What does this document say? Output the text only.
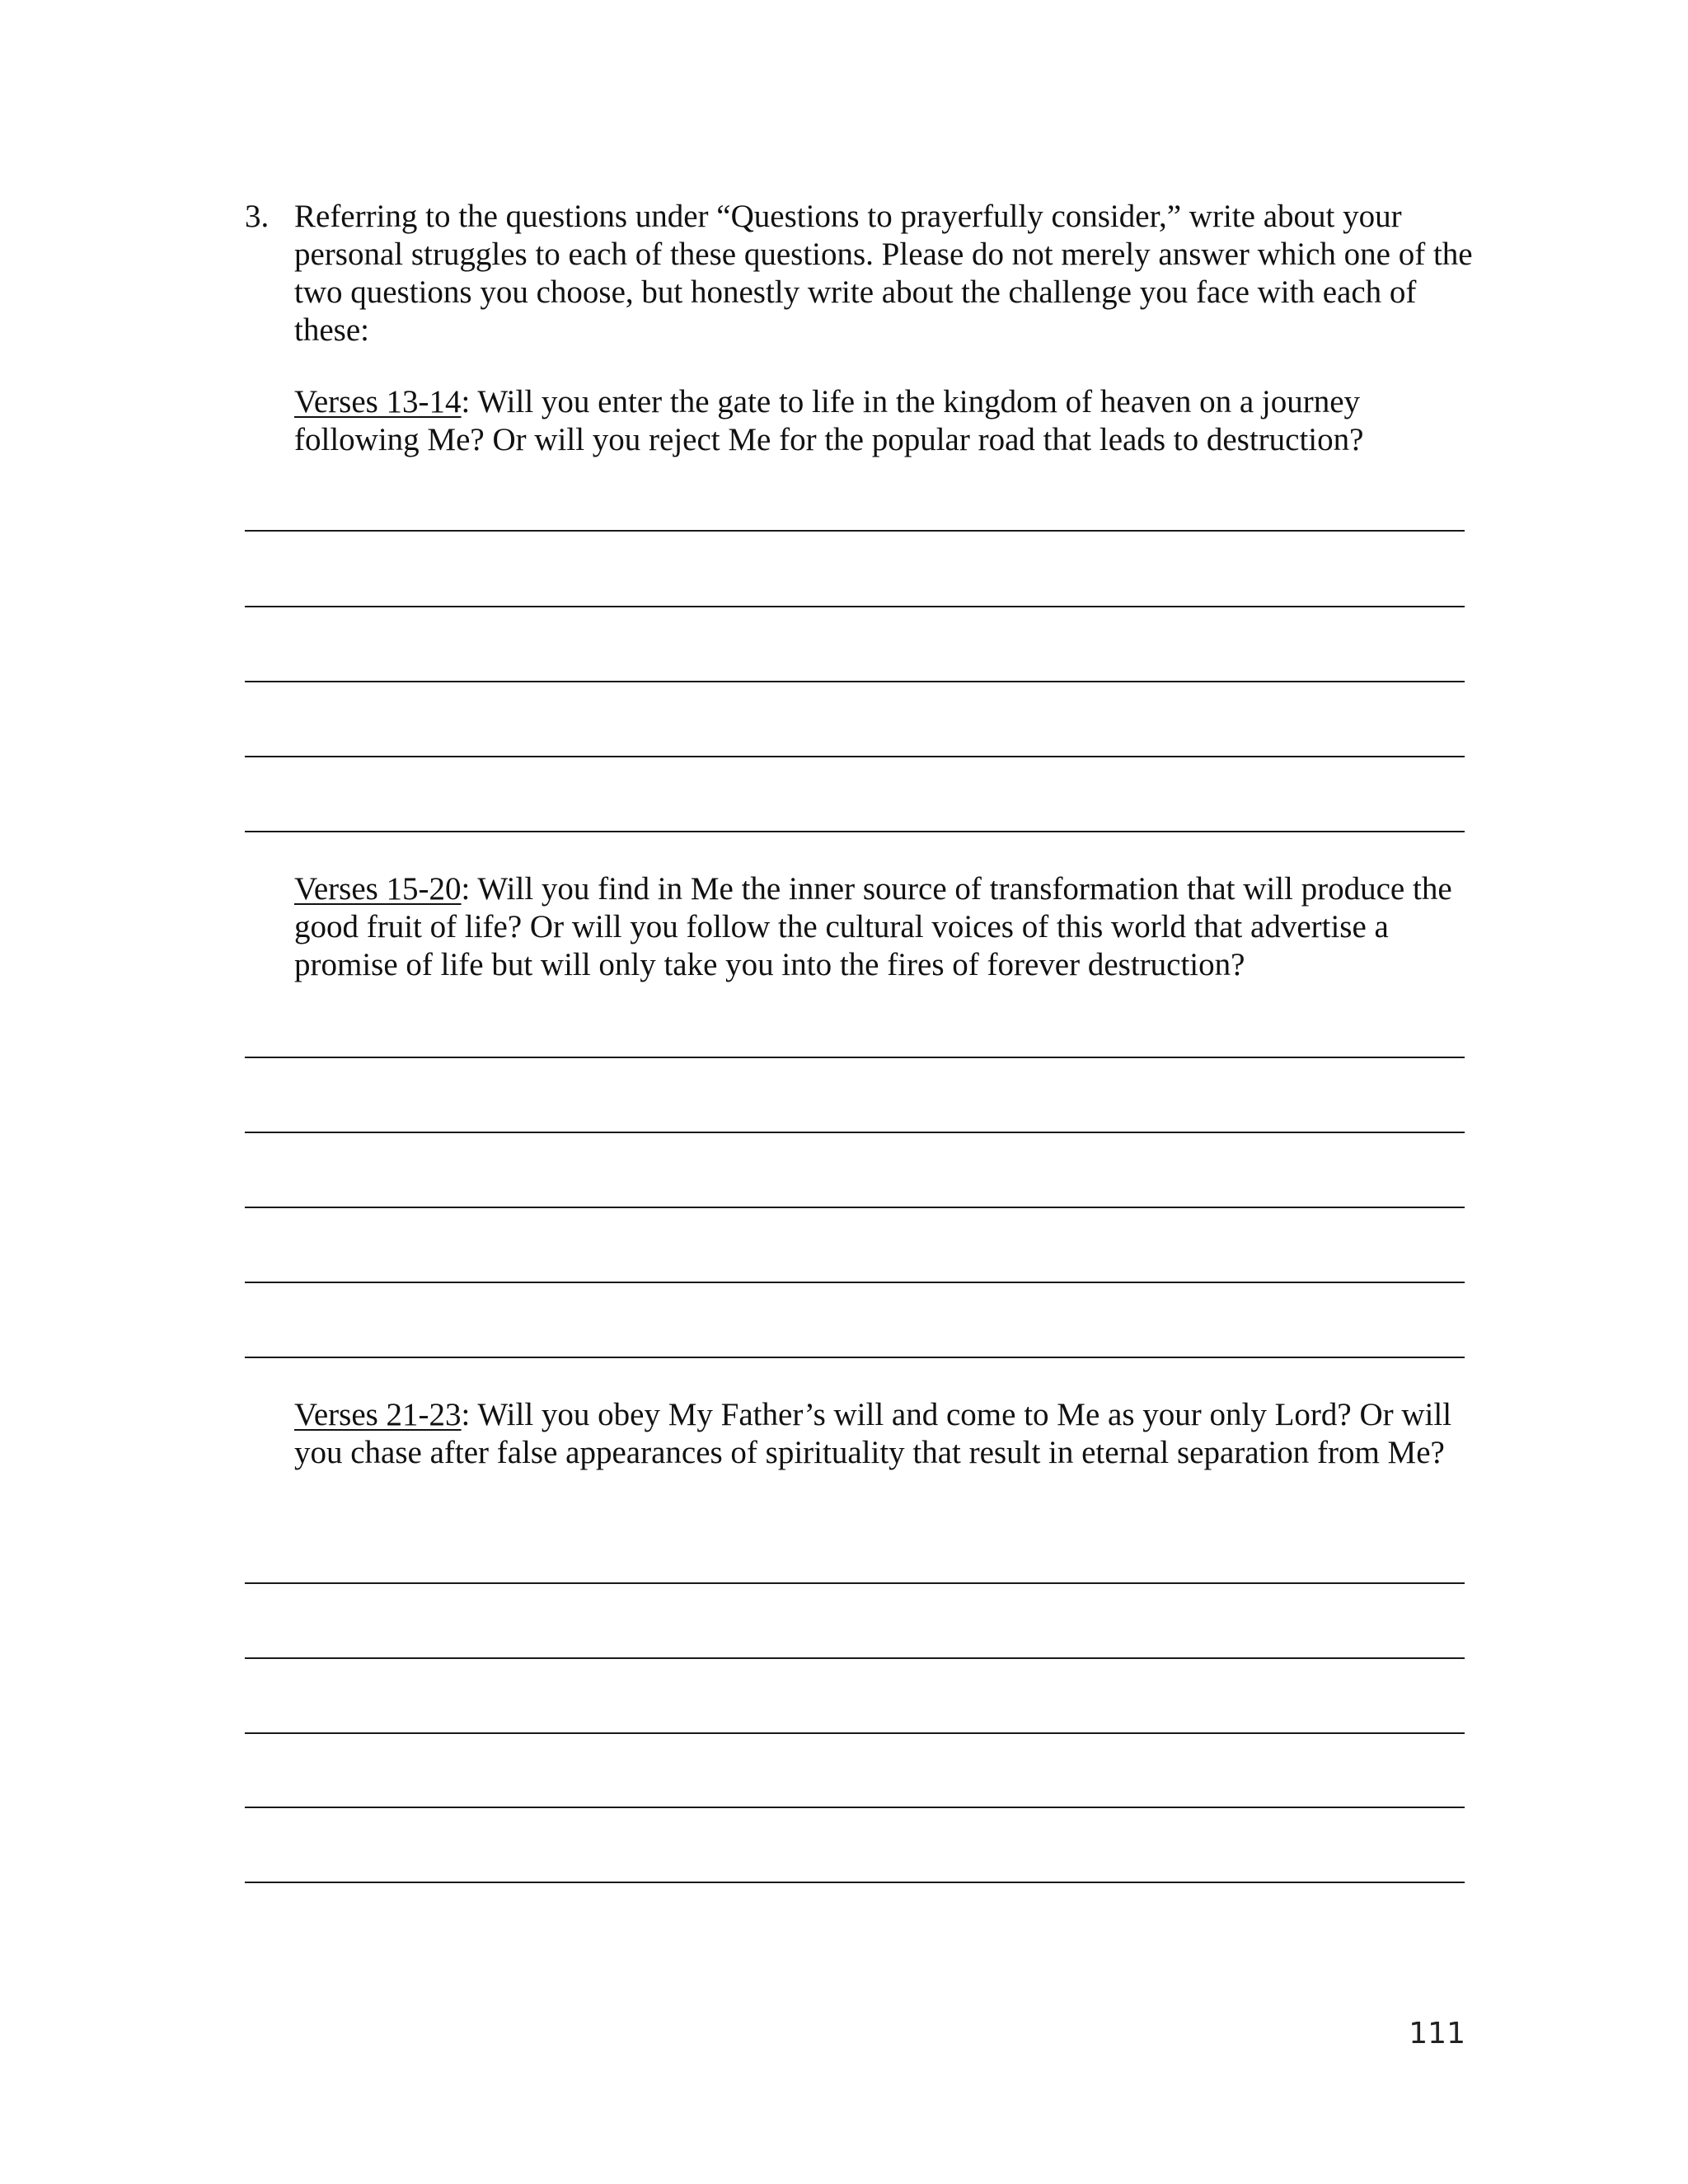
3. Referring to the questions under “Questions to prayerfully consider,” write about your personal struggles to each of these questions. Please do not merely answer which one of the two questions you choose, but honestly write about the challenge you face with each of these:
Verses 13-14: Will you enter the gate to life in the kingdom of heaven on a journey following Me? Or will you reject Me for the popular road that leads to destruction?
Verses 15-20: Will you find in Me the inner source of transformation that will produce the good fruit of life? Or will you follow the cultural voices of this world that advertise a promise of life but will only take you into the fires of forever destruction?
Verses 21-23: Will you obey My Father’s will and come to Me as your only Lord? Or will you chase after false appearances of spirituality that result in eternal separation from Me?
111
